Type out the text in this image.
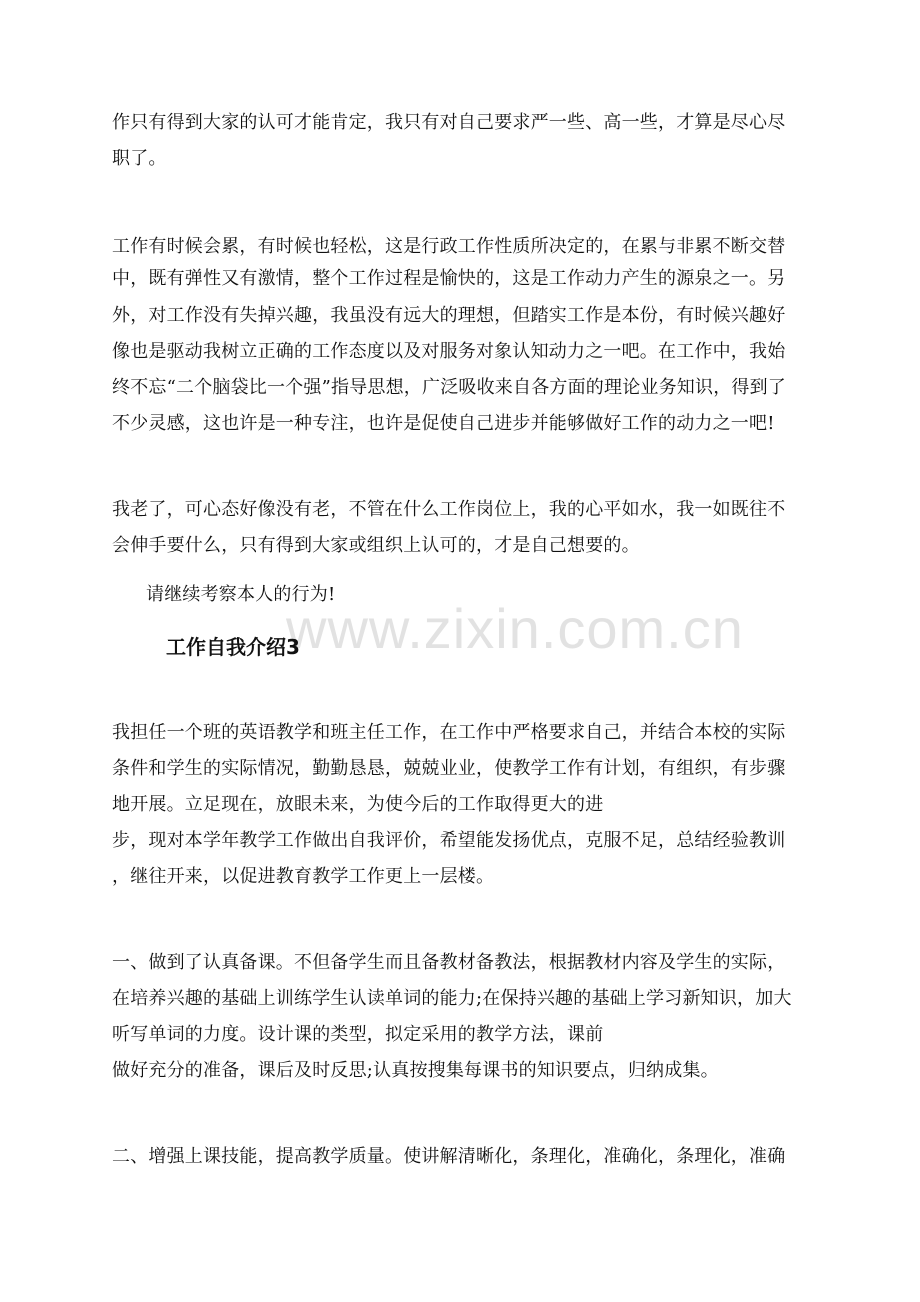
www.zixin.com.cn
作只有得到大家的认可才能肯定，我只有对自己要求严一些、高一些，才算是尽心尽
职了。
工作有时候会累，有时候也轻松，这是行政工作性质所决定的，在累与非累不断交替
中，既有弹性又有激情，整个工作过程是愉快的，这是工作动力产生的源泉之一。另
外，对工作没有失掉兴趣，我虽没有远大的理想，但踏实工作是本份，有时候兴趣好
像也是驱动我树立正确的工作态度以及对服务对象认知动力之一吧。在工作中，我始
终不忘“二个脑袋比一个强”指导思想，广泛吸收来自各方面的理论业务知识，得到了
不少灵感，这也许是一种专注，也许是促使自己进步并能够做好工作的动力之一吧!
我老了，可心态好像没有老，不管在什么工作岗位上，我的心平如水，我一如既往不
会伸手要什么，只有得到大家或组织上认可的，才是自己想要的。
请继续考察本人的行为!
工作自我介绍3
我担任一个班的英语教学和班主任工作，在工作中严格要求自己，并结合本校的实际
条件和学生的实际情况，勤勤恳恳，兢兢业业，使教学工作有计划，有组织，有步骤
地开展。立足现在，放眼未来，为使今后的工作取得更大的进
步，现对本学年教学工作做出自我评价，希望能发扬优点，克服不足，总结经验教训
，继往开来，以促进教育教学工作更上一层楼。
一、做到了认真备课。不但备学生而且备教材备教法，根据教材内容及学生的实际，
在培养兴趣的基础上训练学生认读单词的能力;在保持兴趣的基础上学习新知识，加大
听写单词的力度。设计课的类型，拟定采用的教学方法，课前
做好充分的准备，课后及时反思;认真按搜集每课书的知识要点，归纳成集。
二、增强上课技能，提高教学质量。使讲解清晰化，条理化，准确化，条理化，准确
